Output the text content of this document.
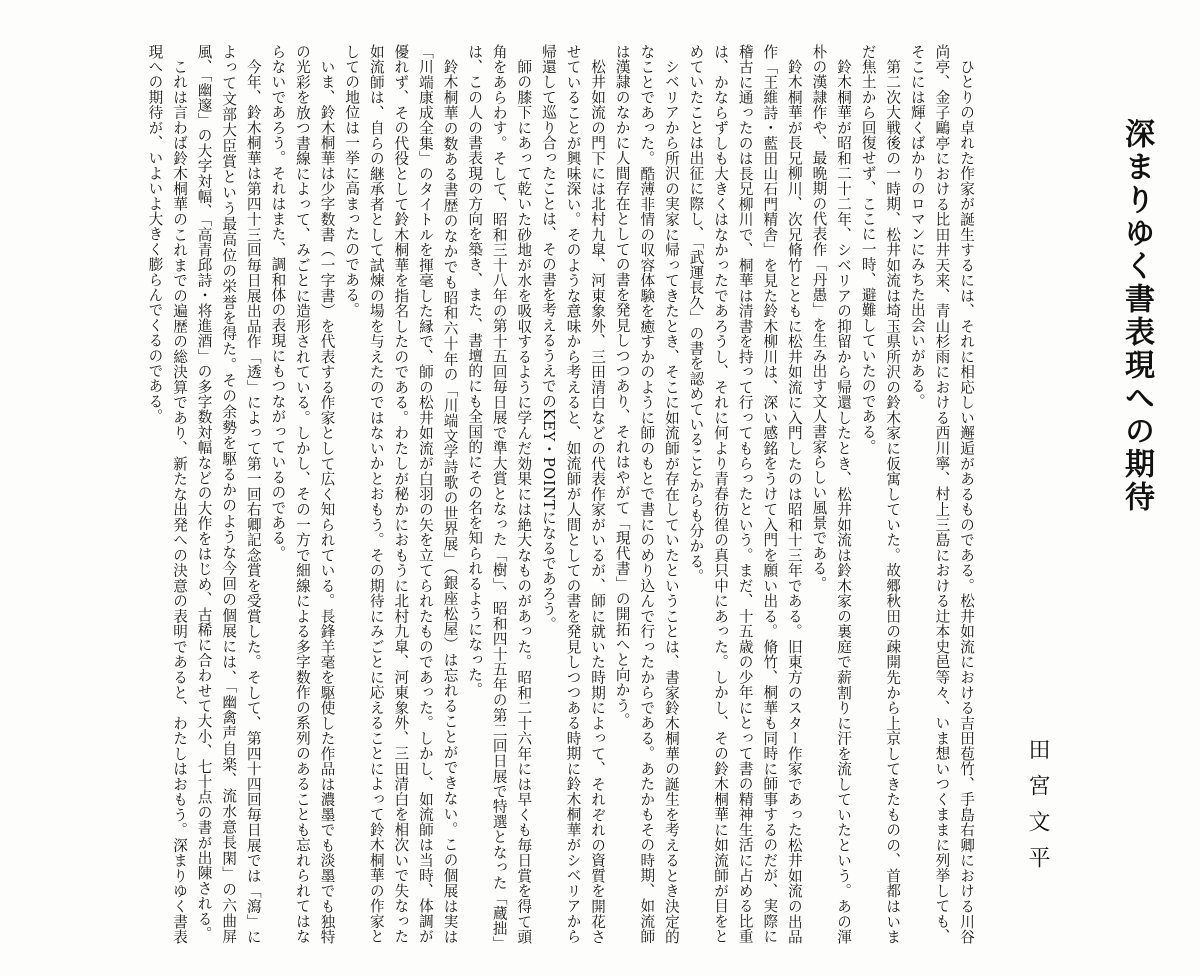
深まりゆく書表現への期待
田宮文平

ひとりの卓れた作家が誕生するには、それに相応しい邂逅があるものである。松井如流における吉田苞竹、手島右卿における川谷尚亭、金子鷗亭における比田井天来、青山杉雨における西川寧、村上三島における辻本史邑等々、いま想いつくままに列挙しても、そこには輝くばかりのロマンにみちた出会いがある。

第二次大戦後の一時期、松井如流は埼玉県所沢の鈴木家に仮寓していた。故郷秋田の疎開先から上京してきたものの、首都はいまだ焦土から回復せず、ここに一時、避難していたのである。

鈴木桐華が昭和二十二年、シベリアの抑留から帰還したとき、松井如流は鈴木家の裏庭で薪割りに汗を流していたという。あの渾朴の漢隷作や、最晩期の代表作「丹愚」を生み出す文人書家らしい風景である。

鈴木桐華が長兄柳川、次兄脩竹とともに松井如流に入門したのは昭和十三年である。旧東方のスター作家であった松井如流の出品作「王維詩・藍田山石門精舎」を見た鈴木柳川は、深い感銘をうけて入門を願い出る。脩竹、桐華も同時に師事するのだが、実際に稽古に通ったのは長兄柳川で、桐華は清書を持って行ってもらったという。まだ、十五歳の少年にとって書の精神生活に占める比重は、かならずしも大きくはなかったであろうし、それに何より青春彷徨の真只中にあった。しかし、その鈴木桐華に如流師が目をとめていたことは出征に際し、「武運長久」の書を認めていることからも分かる。

シベリアから所沢の実家に帰ってきたとき、そこに如流師が存在していたということは、書家鈴木桐華の誕生を考えるとき決定的なことであった。酷薄非情の収容体験を癒すかのように師のもとで書にのめり込んで行ったからである。あたかもその時期、如流師は漢隷のなかに人間存在としての書を発見しつつあり、それはやがて「現代書」の開拓へと向かう。

松井如流の門下には北村九皐、河東象外、三田清白などの代表作家がいるが、師に就いた時期によって、それぞれの資質を開花させていることが興味深い。そのような意味から考えると、如流師が人間としての書を発見しつつある時期に鈴木桐華がシベリアから帰還して巡り合ったことは、その書を考えるうえでのKEY・POINTになるであろう。

師の膝下にあって乾いた砂地が水を吸収するように学んだ効果には絶大なものがあった。昭和二十六年には早くも毎日賞を得て頭角をあらわす。そして、昭和三十八年の第十五回毎日展で準大賞となった「樹」、昭和四十五年の第二回日展で特選となった「蔵拙」は、この人の書表現の方向を築き、また、書壇的にも全国的にその名を知られるようになった。

鈴木桐華の数ある書歴のなかでも昭和六十年の「川端文学詩歌の世界展」（銀座松屋）は忘れることができない。この個展は実は「川端康成全集」のタイトルを揮毫した縁で、師の松井如流が白羽の矢を立てられたものであった。しかし、如流師は当時、体調が優れず、その代役として鈴木桐華を指名したのである。わたしが秘かにおもうに北村九皐、河東象外、三田清白を相次いで失なった如流師は、自らの継承者として試煉の場を与えたのではないかとおもう。その期待にみごとに応えることによって鈴木桐華の作家としての地位は一挙に高まったのである。

いま、鈴木桐華は少字数書（一字書）を代表する作家として広く知られている。長鋒羊毫を駆使した作品は濃墨でも淡墨でも独特の光彩を放つ書線によって、みごとに造形されている。しかし、その一方で細線による多字数作の系列のあることも忘れられてはならないであろう。それはまた、調和体の表現にもつながっているのである。

今年、鈴木桐華は第四十三回毎日展出品作「透」によって第一回右卿記念賞を受賞した。そして、第四十四回毎日展では「瀉」によって文部大臣賞という最高位の栄誉を得た。その余勢を駆るかのような今回の個展には、「幽禽声自楽、流水意長閑」の六曲屏風、「幽邃」の大字対幅、「高青邱詩・将進酒」の多字数対幅などの大作をはじめ、古稀に合わせて大小、七十点の書が出陳される。

これは言わば鈴木桐華のこれまでの遍歴の総決算であり、新たな出発への決意の表明であると、わたしはおもう。深まりゆく書表現への期待が、いよいよ大きく膨らんでくるのである。
